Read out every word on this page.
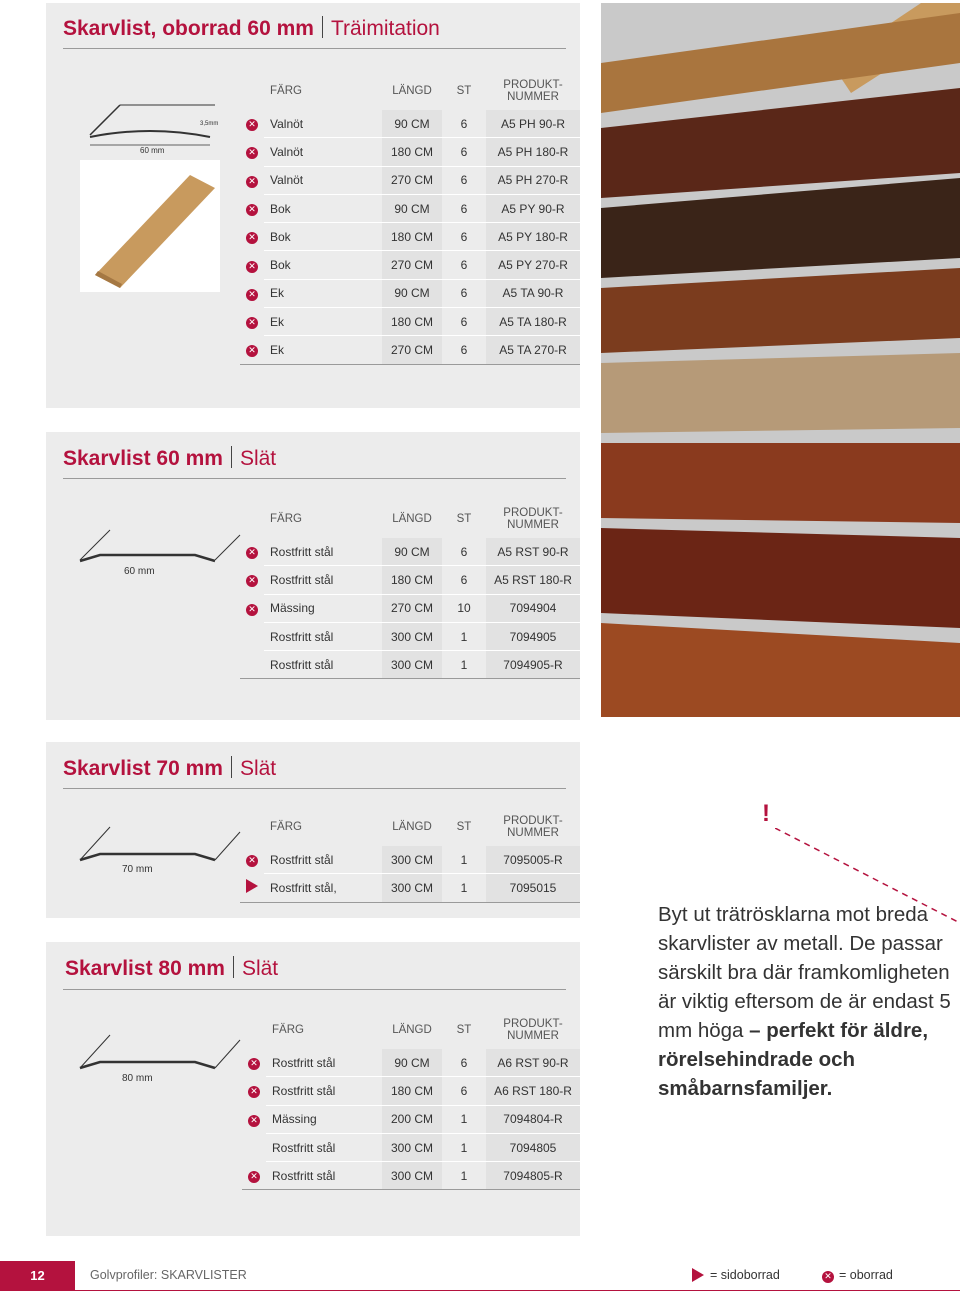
Skarvlist, oborrad 60 mm Träimitation
60 mm
3,5mm
	FÄRG	LÄNGD	ST	PRODUKT-
NUMMER
✕	Valnöt	90 CM	6	A5 PH 90-R
✕	Valnöt	180 CM	6	A5 PH 180-R
✕	Valnöt	270 CM	6	A5 PH 270-R
✕	Bok	90 CM	6	A5 PY 90-R
✕	Bok	180 CM	6	A5 PY 180-R
✕	Bok	270 CM	6	A5 PY 270-R
✕	Ek	90 CM	6	A5 TA 90-R
✕	Ek	180 CM	6	A5 TA 180-R
✕	Ek	270 CM	6	A5 TA 270-R
Skarvlist 60 mm Slät
60 mm
	FÄRG	LÄNGD	ST	PRODUKT-
NUMMER
✕	Rostfritt stål	90 CM	6	A5 RST 90-R
✕	Rostfritt stål	180 CM	6	A5 RST 180-R
✕	Mässing	270 CM	10	7094904
	Rostfritt stål	300 CM	1	7094905
	Rostfritt stål	300 CM	1	7094905-R
Skarvlist 70 mm Slät
70 mm
	FÄRG	LÄNGD	ST	PRODUKT-
NUMMER
✕	Rostfritt stål	300 CM	1	7095005-R
	Rostfritt stål,	300 CM	1	7095015
Skarvlist 80 mm Slät
80 mm
	FÄRG	LÄNGD	ST	PRODUKT-
NUMMER
✕	Rostfritt stål	90 CM	6	A6 RST 90-R
✕	Rostfritt stål	180 CM	6	A6 RST 180-R
✕	Mässing	200 CM	1	7094804-R
	Rostfritt stål	300 CM	1	7094805
✕	Rostfritt stål	300 CM	1	7094805-R
!
Byt ut trätrösklarna mot breda skarvlister av metall. De passar särskilt bra där framkomligheten är viktig eftersom de är endast 5 mm höga – perfekt för äldre, rörelsehindrade och småbarnsfamiljer.
12	Golvprofiler: SKARVLISTER	= sidoborrad	✕ = oborrad
